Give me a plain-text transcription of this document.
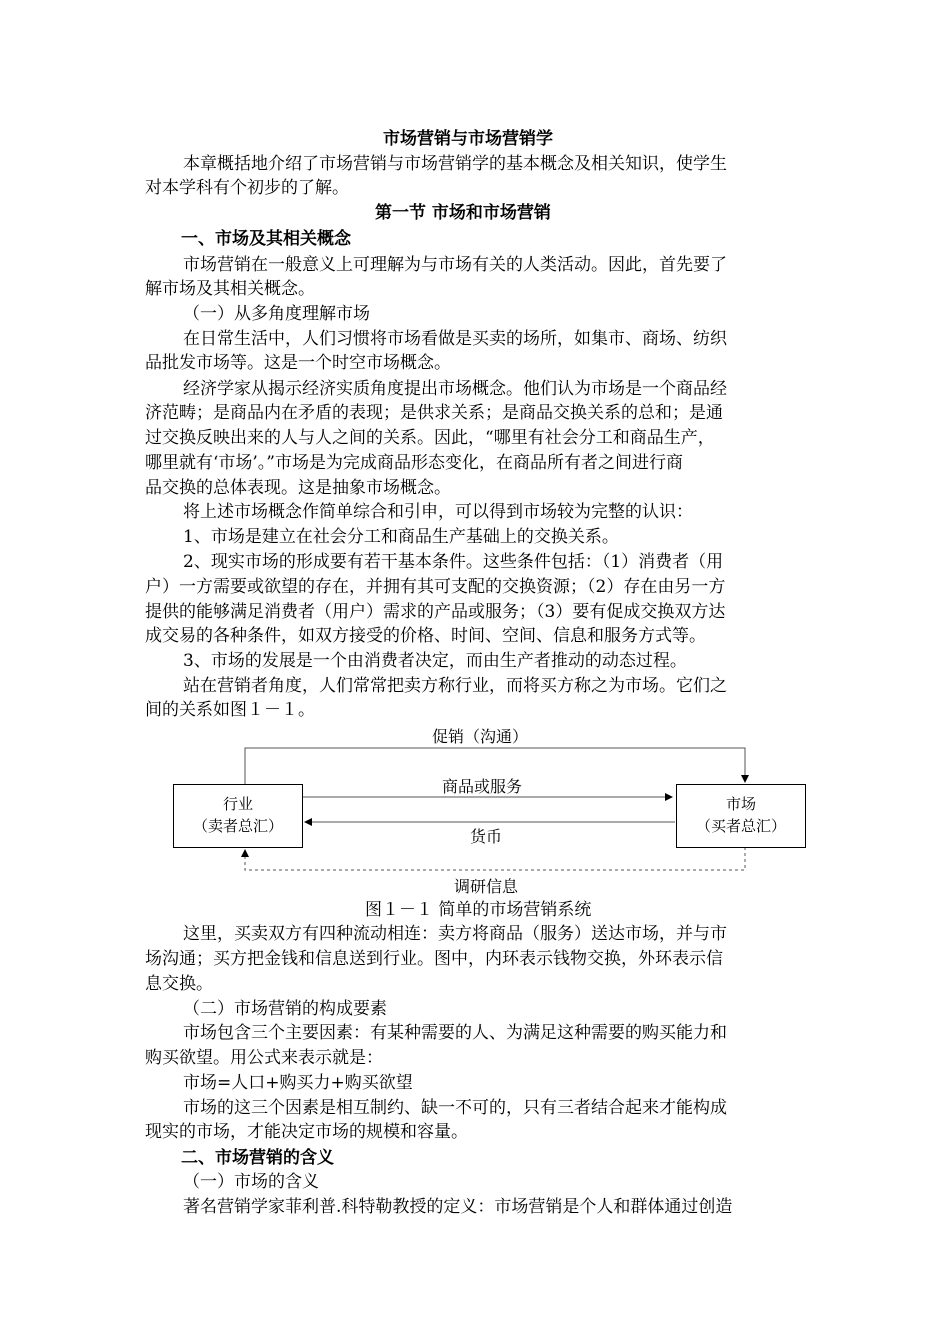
市场营销与市场营销学
本章概括地介绍了市场营销与市场营销学的基本概念及相关知识，使学生
对本学科有个初步的了解。
第一节 市场和市场营销
一、市场及其相关概念
市场营销在一般意义上可理解为与市场有关的人类活动。因此，首先要了
解市场及其相关概念。
（一）从多角度理解市场
在日常生活中，人们习惯将市场看做是买卖的场所，如集市、商场、纺织
品批发市场等。这是一个时空市场概念。
经济学家从揭示经济实质角度提出市场概念。他们认为市场是一个商品经
济范畴；是商品内在矛盾的表现；是供求关系；是商品交换关系的总和；是通
过交换反映出来的人与人之间的关系。因此，“哪里有社会分工和商品生产，
哪里就有‘市场’。”市场是为完成商品形态变化，在商品所有者之间进行商
品交换的总体表现。这是抽象市场概念。
将上述市场概念作简单综合和引申，可以得到市场较为完整的认识：
1、市场是建立在社会分工和商品生产基础上的交换关系。
2、现实市场的形成要有若干基本条件。这些条件包括：（1）消费者（用
户）一方需要或欲望的存在，并拥有其可支配的交换资源；（2）存在由另一方
提供的能够满足消费者（用户）需求的产品或服务；（3）要有促成交换双方达
成交易的各种条件，如双方接受的价格、时间、空间、信息和服务方式等。
3、市场的发展是一个由消费者决定，而由生产者推动的动态过程。
站在营销者角度，人们常常把卖方称行业，而将买方称之为市场。它们之
间的关系如图１－１。
促销（沟通）
商品或服务
货币
调研信息
行业
（卖者总汇）
市场
（买者总汇）
图１－１ 简单的市场营销系统
这里，买卖双方有四种流动相连：卖方将商品（服务）送达市场，并与市
场沟通；买方把金钱和信息送到行业。图中，内环表示钱物交换，外环表示信
息交换。
（二）市场营销的构成要素
市场包含三个主要因素：有某种需要的人、为满足这种需要的购买能力和
购买欲望。用公式来表示就是：
市场=人口+购买力+购买欲望
市场的这三个因素是相互制约、缺一不可的，只有三者结合起来才能构成
现实的市场，才能决定市场的规模和容量。
二、市场营销的含义
（一）市场的含义
著名营销学家菲利普.科特勒教授的定义：市场营销是个人和群体通过创造
